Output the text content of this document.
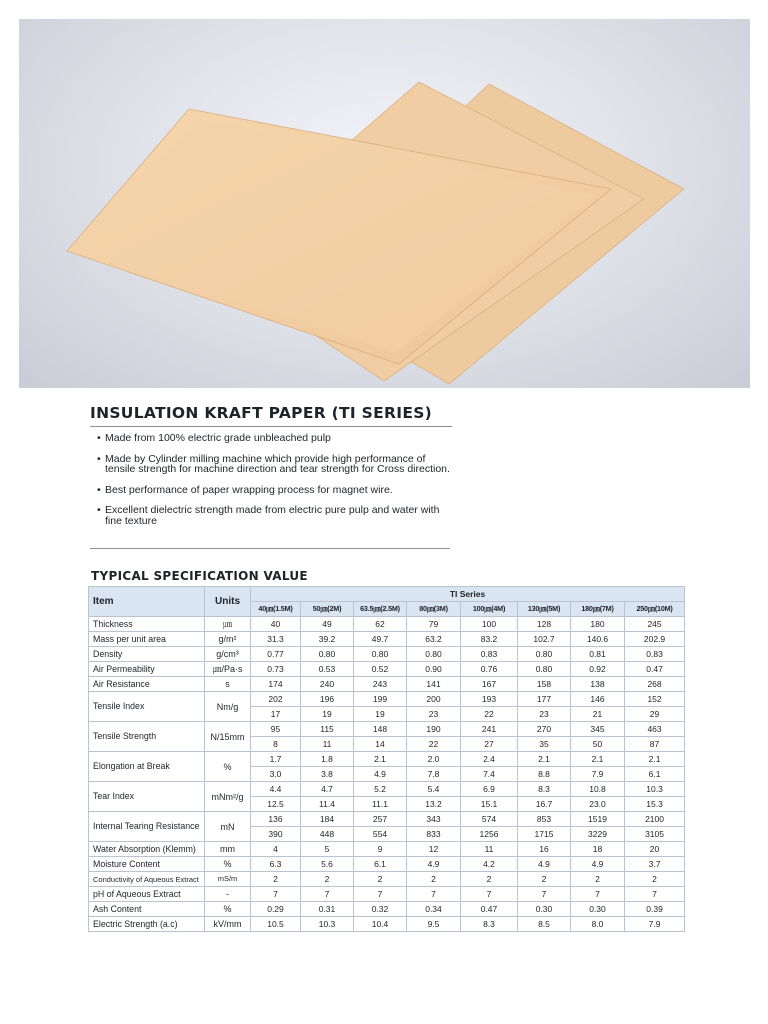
INSULATION KRAFT PAPER (TI SERIES)
• Made from 100% electric grade unbleached pulp
• Made by Cylinder milling machine which provide high performance of tensile strength for machine direction and tear strength for Cross direction.
• Best performance of paper wrapping process for magnet wire.
• Excellent dielectric strength made from electric pure pulp and water with fine texture
TYPICAL SPECIFICATION VALUE
Item	Units	TI Series							
		40㎛(1.5M)	50㎛(2M)	63.5㎛(2.5M)	80㎛(3M)	100㎛(4M)	130㎛(5M)	180㎛(7M)	250㎛(10M)
Thickness	㎛	40	49	62	79	100	128	180	245
Mass per unit area	g/m²	31.3	39.2	49.7	63.2	83.2	102.7	140.6	202.9
Density	g/cm³	0.77	0.80	0.80	0.80	0.83	0.80	0.81	0.83
Air Permeability	㎛/Pa·s	0.73	0.53	0.52	0.90	0.76	0.80	0.92	0.47
Air Resistance	s	174	240	243	141	167	158	138	268
Tensile Index	Nm/g	202	196	199	200	193	177	146	152
		17	19	19	23	22	23	21	29
Tensile Strength	N/15mm	95	115	148	190	241	270	345	463
		8	11	14	22	27	35	50	87
Elongation at Break	%	1.7	1.8	2.1	2.0	2.4	2.1	2.1	2.1
		3.0	3.8	4.9	7.8	7.4	8.8	7.9	6.1
Tear Index	mNm²/g	4.4	4.7	5.2	5.4	6.9	8.3	10.8	10.3
		12.5	11.4	11.1	13.2	15.1	16.7	23.0	15.3
Internal Tearing Resistance	mN	136	184	257	343	574	853	1519	2100
		390	448	554	833	1256	1715	3229	3105
Water Absorption (Klemm)	mm	4	5	9	12	11	16	18	20
Moisture Content	%	6.3	5.6	6.1	4.9	4.2	4.9	4.9	3.7
Conductivity of Aqueous Extract	mS/m	2	2	2	2	2	2	2	2
pH of Aqueous Extract	-	7	7	7	7	7	7	7	7
Ash Content	%	0.29	0.31	0.32	0.34	0.47	0.30	0.30	0.39
Electric Strength (a.c)	kV/mm	10.5	10.3	10.4	9.5	8.3	8.5	8.0	7.9
